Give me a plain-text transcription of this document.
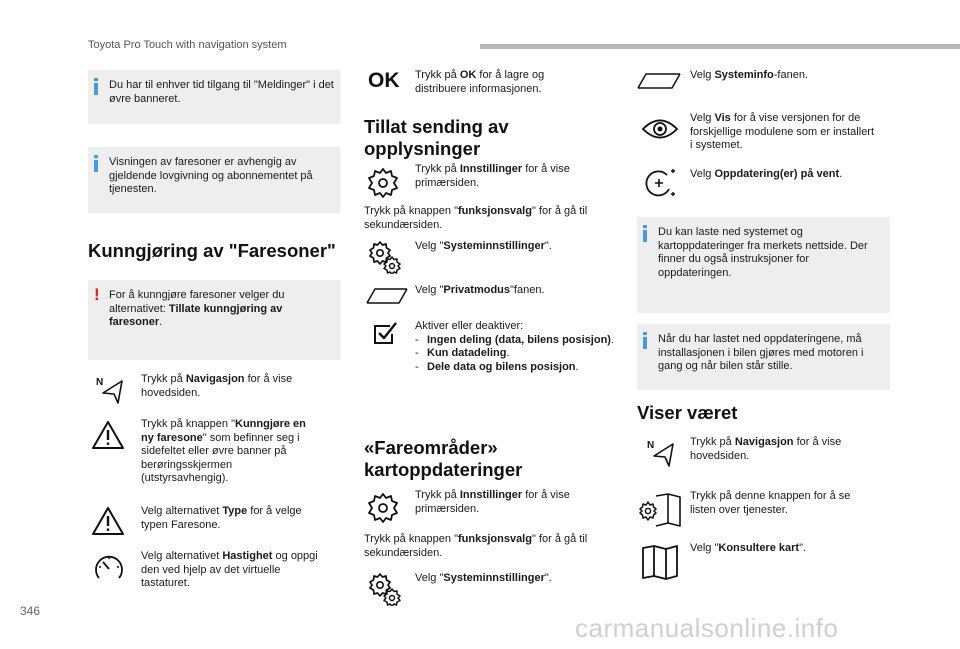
Toyota Pro Touch with navigation system
Du har til enhver tid tilgang til "Meldinger" i det øvre banneret.
Visningen av faresoner er avhengig av gjeldende lovgivning og abonnementet på tjenesten.
Kunngjøring av "Faresoner"
! For å kunngjøre faresoner velger du alternativet: Tillate kunngjøring av faresoner.
N	Trykk på Navigasjon for å vise hovedsiden.
Trykk på knappen "Kunngjøre en ny faresone" som befinner seg i sidefeltet eller øvre banner på berøringsskjermen (utstyrsavhengig).
Velg alternativet Type for å velge typen Faresone.
Velg alternativet Hastighet og oppgi den ved hjelp av det virtuelle tastaturet.
OK Trykk på OK for å lagre og distribuere informasjonen.
Tillat sending av opplysninger
Trykk på Innstillinger for å vise primærsiden.
Trykk på knappen "funksjonsvalg" for å gå til sekundærsiden.
Velg "Systeminnstillinger".
Velg "Privatmodus"fanen.
Aktiver eller deaktiver:
- Ingen deling (data, bilens posisjon).
- Kun datadeling.
- Dele data og bilens posisjon.
«Fareområder» kartoppdateringer
Trykk på Innstillinger for å vise primærsiden.
Trykk på knappen "funksjonsvalg" for å gå til sekundærsiden.
Velg "Systeminnstillinger".
Velg Systeminfo-fanen.
Velg Vis for å vise versjonen for de forskjellige modulene som er installert i systemet.
Velg Oppdatering(er) på vent.
Du kan laste ned systemet og kartoppdateringer fra merkets nettside. Der finner du også instruksjoner for oppdateringen.
Når du har lastet ned oppdateringene, må installasjonen i bilen gjøres med motoren i gang og når bilen står stille.
Viser været
N	Trykk på Navigasjon for å vise hovedsiden.
Trykk på denne knappen for å se listen over tjenester.
Velg "Konsultere kart".
346
carmanualsonline.info
